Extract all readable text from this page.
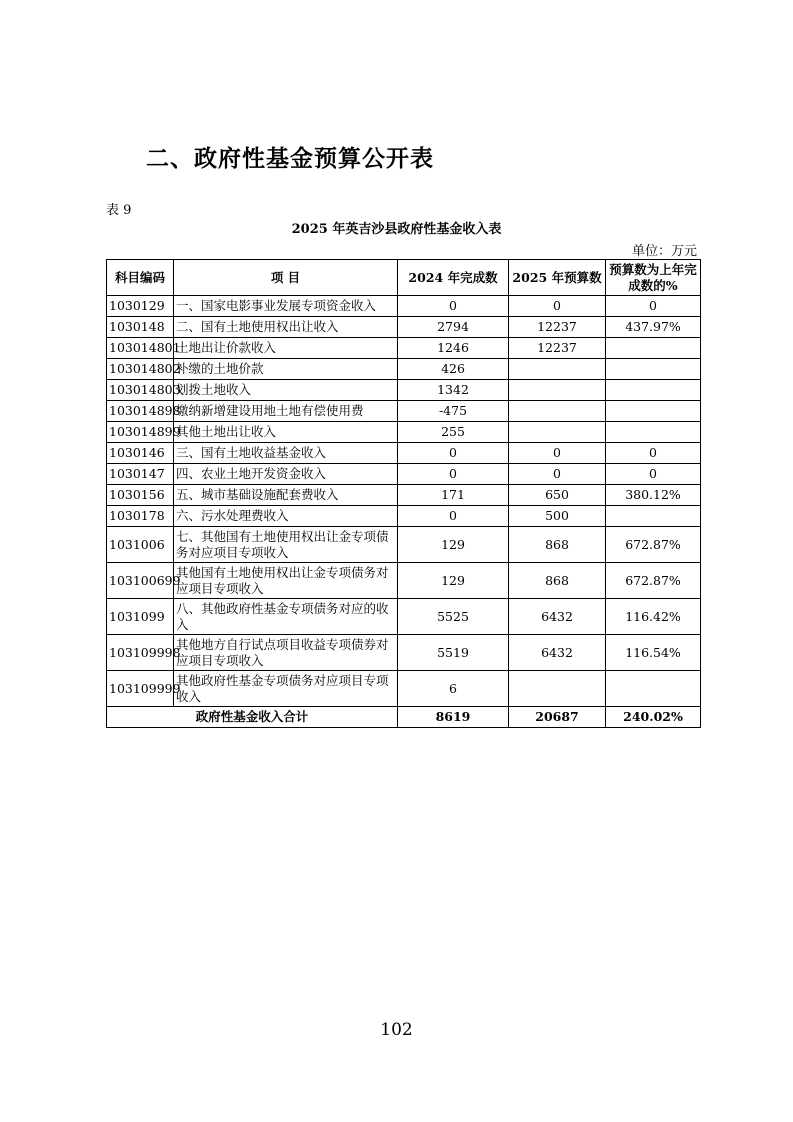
二、政府性基金预算公开表
表 9
2025 年英吉沙县政府性基金收入表
单位：万元
科目编码	项 目	2024 年完成数	2025 年预算数	预算数为上年完成数的%
1030129	一、国家电影事业发展专项资金收入	0	0	0
1030148	二、国有土地使用权出让收入	2794	12237	437.97%
103014801	土地出让价款收入	1246	12237	
103014802	补缴的土地价款	426		
103014803	划拨土地收入	1342		
103014898	缴纳新增建设用地土地有偿使用费	-475		
103014899	其他土地出让收入	255		
1030146	三、国有土地收益基金收入	0	0	0
1030147	四、农业土地开发资金收入	0	0	0
1030156	五、城市基础设施配套费收入	171	650	380.12%
1030178	六、污水处理费收入	0	500	
1031006	七、其他国有土地使用权出让金专项债务对应项目专项收入	129	868	672.87%
103100699	其他国有土地使用权出让金专项债务对应项目专项收入	129	868	672.87%
1031099	八、其他政府性基金专项债务对应的收入	5525	6432	116.42%
103109998	其他地方自行试点项目收益专项债券对应项目专项收入	5519	6432	116.54%
103109999	其他政府性基金专项债务对应项目专项收入	6		
政府性基金收入合计		8619	20687	240.02%
102
